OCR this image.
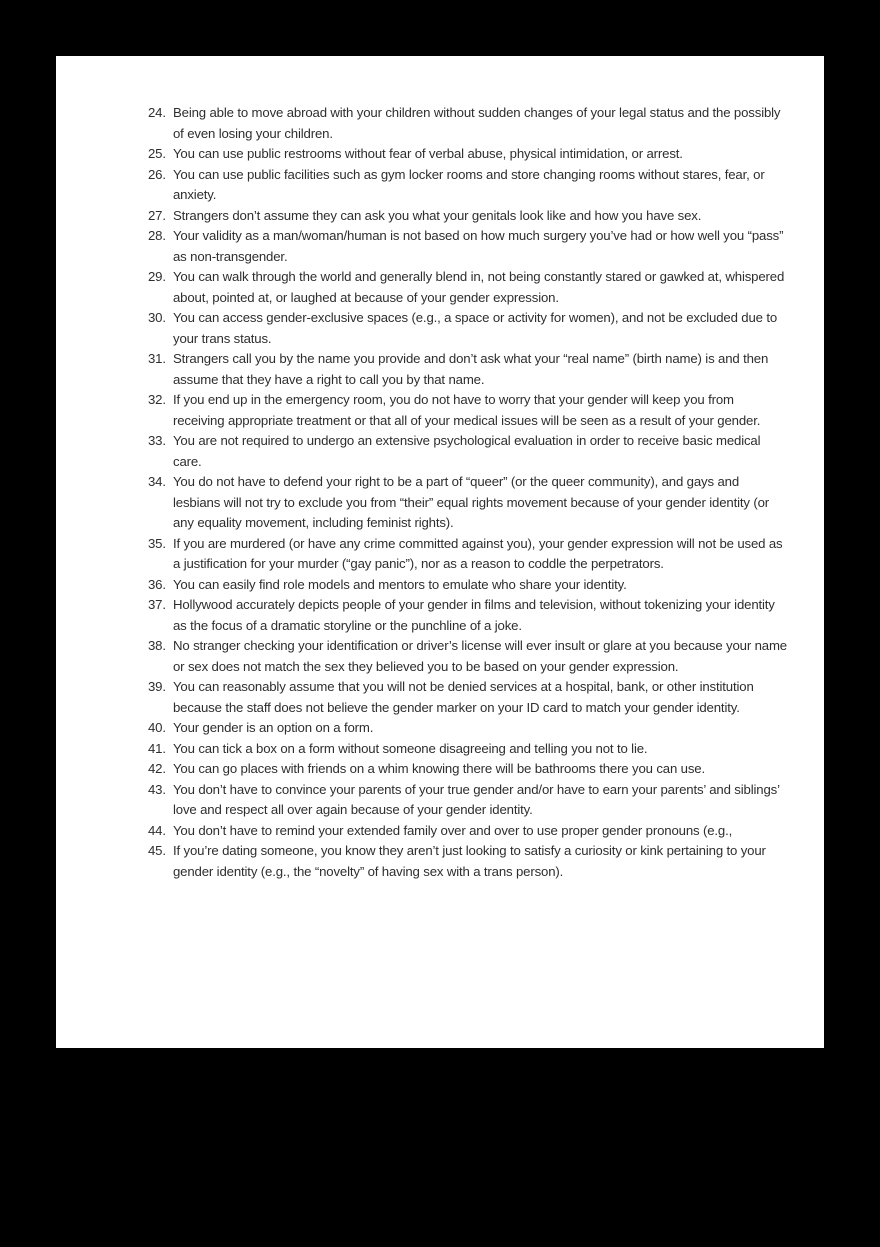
24. Being able to move abroad with your children without sudden changes of your legal status and the possibly of even losing your children.
25. You can use public restrooms without fear of verbal abuse, physical intimidation, or arrest.
26. You can use public facilities such as gym locker rooms and store changing rooms without stares, fear, or anxiety.
27. Strangers don’t assume they can ask you what your genitals look like and how you have sex.
28. Your validity as a man/woman/human is not based on how much surgery you’ve had or how well you “pass” as non-transgender.
29. You can walk through the world and generally blend in, not being constantly stared or gawked at, whispered about, pointed at, or laughed at because of your gender expression.
30. You can access gender-exclusive spaces (e.g., a space or activity for women), and not be excluded due to your trans status.
31. Strangers call you by the name you provide and don’t ask what your “real name” (birth name) is and then assume that they have a right to call you by that name.
32. If you end up in the emergency room, you do not have to worry that your gender will keep you from receiving appropriate treatment or that all of your medical issues will be seen as a result of your gender.
33. You are not required to undergo an extensive psychological evaluation in order to receive basic medical care.
34. You do not have to defend your right to be a part of “queer” (or the queer community), and gays and lesbians will not try to exclude you from “their” equal rights movement because of your gender identity (or any equality movement, including feminist rights).
35. If you are murdered (or have any crime committed against you), your gender expression will not be used as a justification for your murder (“gay panic”), nor as a reason to coddle the perpetrators.
36. You can easily find role models and mentors to emulate who share your identity.
37. Hollywood accurately depicts people of your gender in films and television, without tokenizing your identity as the focus of a dramatic storyline or the punchline of a joke.
38. No stranger checking your identification or driver’s license will ever insult or glare at you because your name or sex does not match the sex they believed you to be based on your gender expression.
39. You can reasonably assume that you will not be denied services at a hospital, bank, or other institution because the staff does not believe the gender marker on your ID card to match your gender identity.
40. Your gender is an option on a form.
41. You can tick a box on a form without someone disagreeing and telling you not to lie.
42. You can go places with friends on a whim knowing there will be bathrooms there you can use.
43. You don’t have to convince your parents of your true gender and/or have to earn your parents’ and siblings’ love and respect all over again because of your gender identity.
44. You don’t have to remind your extended family over and over to use proper gender pronouns (e.g.,
45. If you’re dating someone, you know they aren’t just looking to satisfy a curiosity or kink pertaining to your gender identity (e.g., the “novelty” of having sex with a trans person).
